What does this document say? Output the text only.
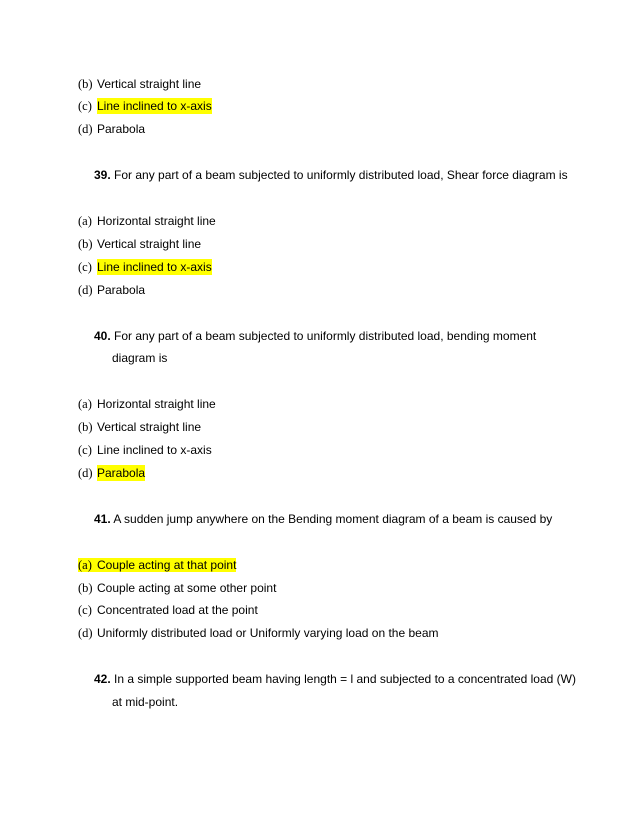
(b) Vertical straight line
(c) Line inclined to x-axis
(d) Parabola
39. For any part of a beam subjected to uniformly distributed load, Shear force diagram is
(a) Horizontal straight line
(b) Vertical straight line
(c) Line inclined to x-axis
(d) Parabola
40. For any part of a beam subjected to uniformly distributed load, bending moment
diagram is
(a) Horizontal straight line
(b) Vertical straight line
(c) Line inclined to x-axis
(d) Parabola
41. A sudden jump anywhere on the Bending moment diagram of a beam is caused by
(a) Couple acting at that point
(b) Couple acting at some other point
(c) Concentrated load at the point
(d) Uniformly distributed load or Uniformly varying load on the beam
42. In a simple supported beam having length = l and subjected to a concentrated load (W)
at mid-point.
